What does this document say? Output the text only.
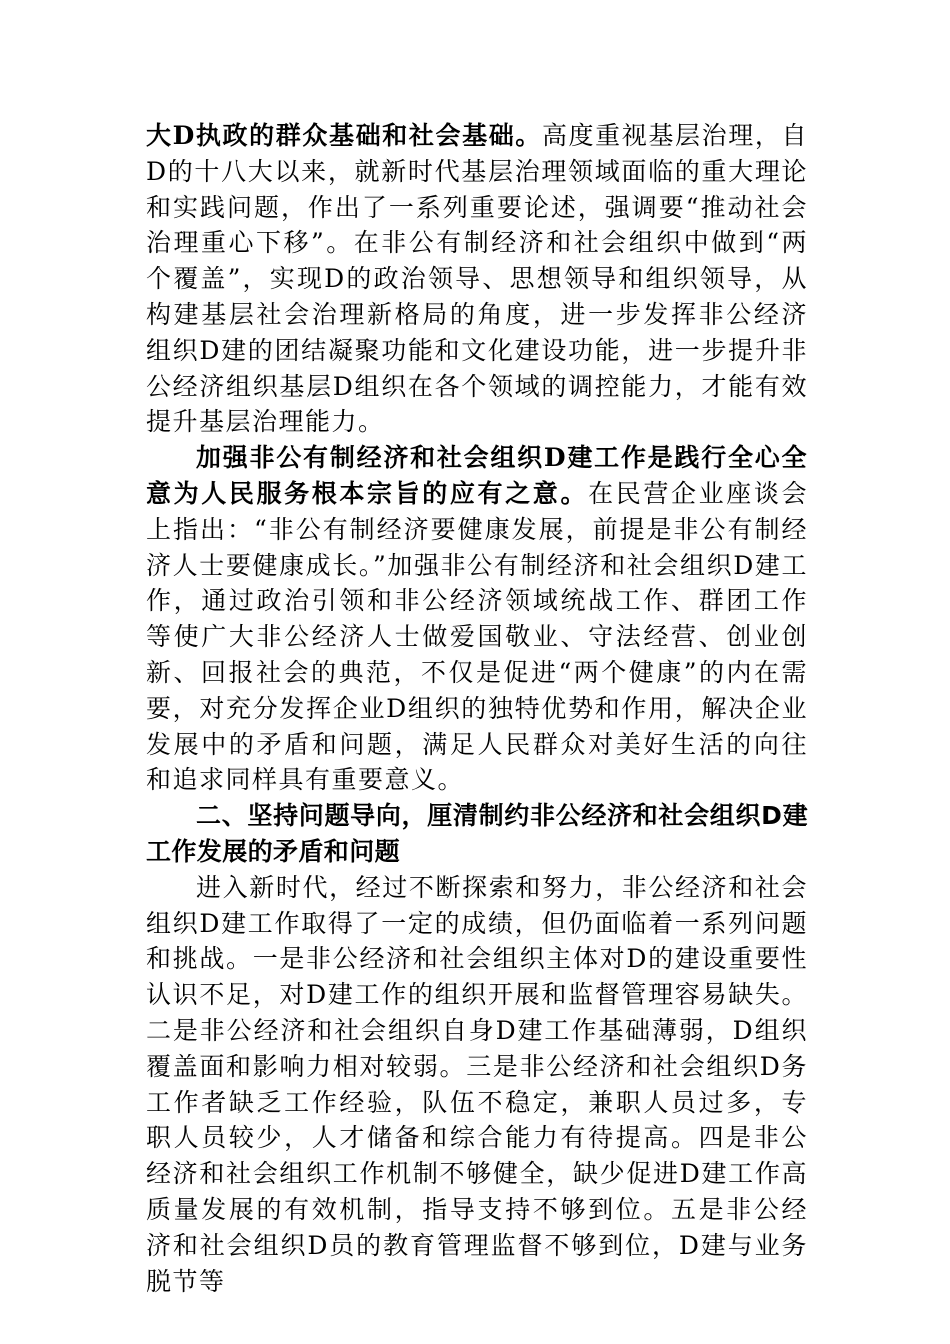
大D执政的群众基础和社会基础。高度重视基层治理，自D的十八大以来，就新时代基层治理领域面临的重大理论和实践问题，作出了一系列重要论述，强调要“推动社会治理重心下移”。在非公有制经济和社会组织中做到“两个覆盖”，实现D的政治领导、思想领导和组织领导，从构建基层社会治理新格局的角度，进一步发挥非公经济组织D建的团结凝聚功能和文化建设功能，进一步提升非公经济组织基层D组织在各个领域的调控能力，才能有效提升基层治理能力。

加强非公有制经济和社会组织D建工作是践行全心全意为人民服务根本宗旨的应有之意。在民营企业座谈会上指出：“非公有制经济要健康发展，前提是非公有制经济人士要健康成长。”加强非公有制经济和社会组织D建工作，通过政治引领和非公经济领域统战工作、群团工作等使广大非公经济人士做爱国敬业、守法经营、创业创新、回报社会的典范，不仅是促进“两个健康”的内在需要，对充分发挥企业D组织的独特优势和作用，解决企业发展中的矛盾和问题，满足人民群众对美好生活的向往和追求同样具有重要意义。

二、坚持问题导向，厘清制约非公经济和社会组织D建工作发展的矛盾和问题

进入新时代，经过不断探索和努力，非公经济和社会组织D建工作取得了一定的成绩，但仍面临着一系列问题和挑战。一是非公经济和社会组织主体对D的建设重要性认识不足，对D建工作的组织开展和监督管理容易缺失。二是非公经济和社会组织自身D建工作基础薄弱，D组织覆盖面和影响力相对较弱。三是非公经济和社会组织D务工作者缺乏工作经验，队伍不稳定，兼职人员过多，专职人员较少，人才储备和综合能力有待提高。四是非公经济和社会组织工作机制不够健全，缺少促进D建工作高质量发展的有效机制，指导支持不够到位。五是非公经济和社会组织D员的教育管理监督不够到位，D建与业务脱节等
